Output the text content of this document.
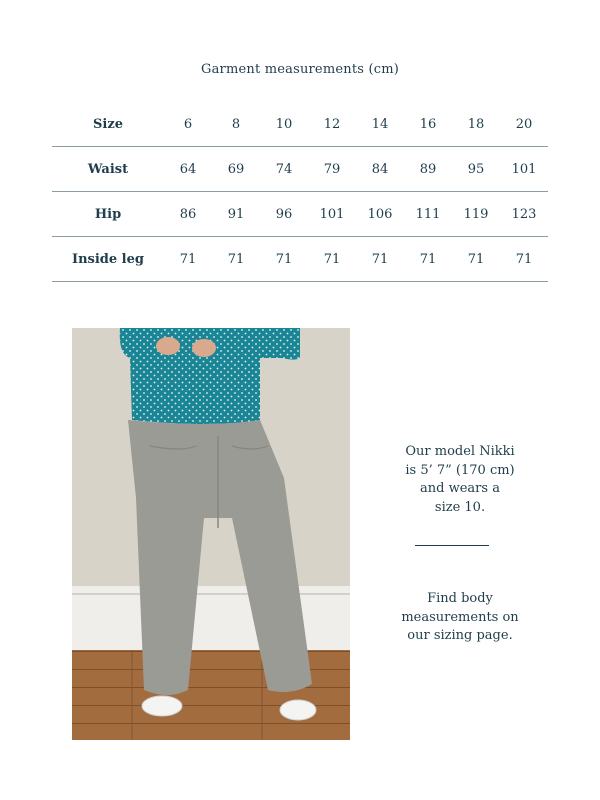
Garment measurements (cm)
Size	6	8	10	12	14	16	18	20
Waist	64	69	74	79	84	89	95	101
Hip	86	91	96	101	106	111	119	123
Inside leg	71	71	71	71	71	71	71	71
Our model Nikki
is 5’ 7” (170 cm)
and wears a
size 10.
Find body
measurements on
our sizing page.
